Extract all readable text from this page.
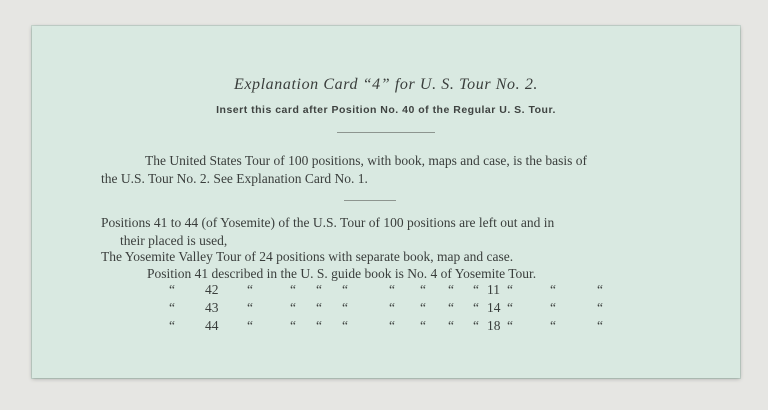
Explanation Card “4” for U. S. Tour No. 2.
Insert this card after Position No. 40 of the Regular U. S. Tour.
The United States Tour of 100 positions, with book, maps and case, is the basis of
the U.S. Tour No. 2. See Explanation Card No. 1.
Positions 41 to 44 (of Yosemite) of the U.S. Tour of 100 positions are left out and in
their placed is used,
The Yosemite Valley Tour of 24 positions with separate book, map and case.
Position 41 described in the U. S. guide book is No. 4 of Yosemite Tour.
“ 42 “	“ “ “	“ “ “ “ 11 “	“	“
“ 43 “	“ “ “	“ “ “ “ 14 “	“	“
“ 44 “	“ “ “	“ “ “ “ 18 “	“	“
